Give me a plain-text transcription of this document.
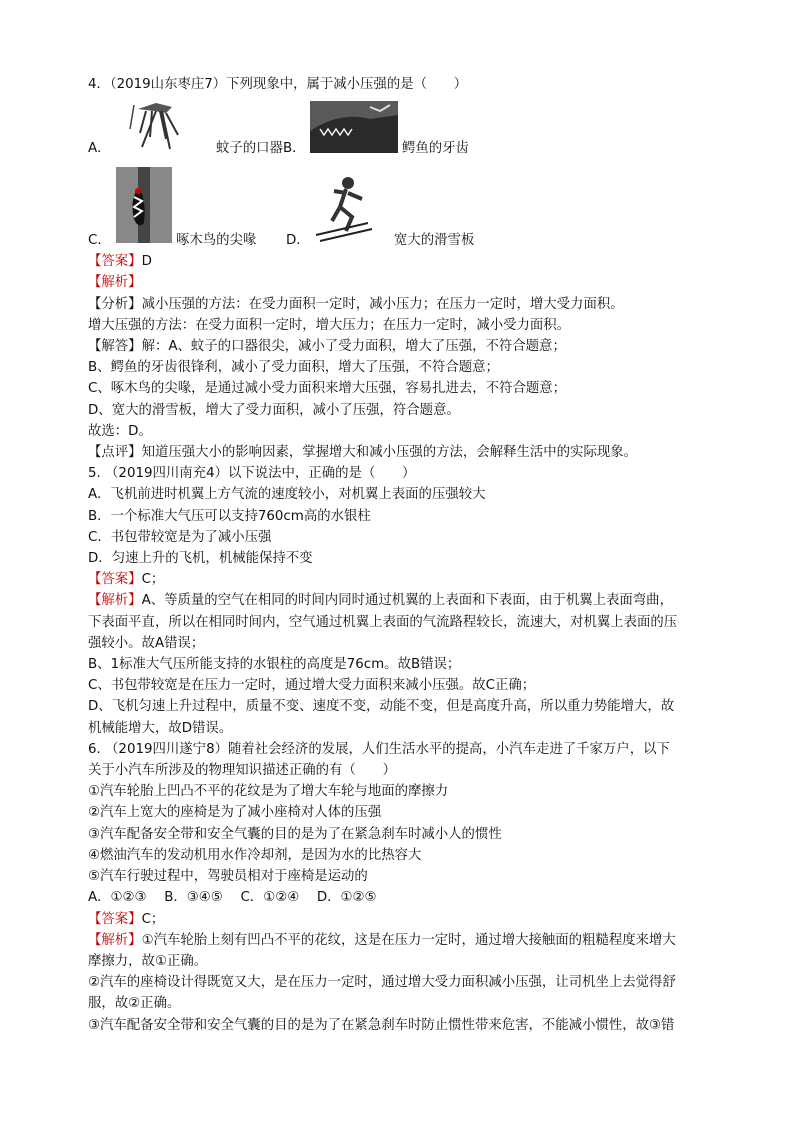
4．（2019山东枣庄7）下列现象中，属于减小压强的是（　　）
A．	蚊子的口器B．	鳄鱼的牙齿
C．	啄木鸟的尖喙 D．	宽大的滑雪板
【答案】D
【解析】
【分析】减小压强的方法：在受力面积一定时，减小压力；在压力一定时，增大受力面积。
增大压强的方法：在受力面积一定时，增大压力；在压力一定时，减小受力面积。
【解答】解：A、蚊子的口器很尖，减小了受力面积，增大了压强，不符合题意；
B、鳄鱼的牙齿很锋利，减小了受力面积，增大了压强，不符合题意；
C、啄木鸟的尖喙，是通过减小受力面积来增大压强，容易扎进去，不符合题意；
D、宽大的滑雪板，增大了受力面积，减小了压强，符合题意。
故选：D。
【点评】知道压强大小的影响因素，掌握增大和减小压强的方法，会解释生活中的实际现象。
5. （2019四川南充4）以下说法中，正确的是（　　）
A．飞机前进时机翼上方气流的速度较小，对机翼上表面的压强较大
B．一个标准大气压可以支持760cm高的水银柱
C．书包带较宽是为了减小压强
D．匀速上升的飞机，机械能保持不变
【答案】C；
【解析】A、等质量的空气在相同的时间内同时通过机翼的上表面和下表面，由于机翼上表面弯曲，
下表面平直，所以在相同时间内，空气通过机翼上表面的气流路程较长，流速大，对机翼上表面的压
强较小。故A错误；
B、1标准大气压所能支持的水银柱的高度是76cm。故B错误；
C、书包带较宽是在压力一定时，通过增大受力面积来减小压强。故C正确；
D、飞机匀速上升过程中，质量不变、速度不变，动能不变，但是高度升高，所以重力势能增大，故
机械能增大，故D错误。
6. （2019四川遂宁8）随着社会经济的发展，人们生活水平的提高，小汽车走进了千家万户，以下
关于小汽车所涉及的物理知识描述正确的有（　　）
①汽车轮胎上凹凸不平的花纹是为了增大车轮与地面的摩擦力
②汽车上宽大的座椅是为了减小座椅对人体的压强
③汽车配备安全带和安全气囊的目的是为了在紧急刹车时减小人的惯性
④燃油汽车的发动机用水作冷却剂，是因为水的比热容大
⑤汽车行驶过程中，驾驶员相对于座椅是运动的
A．①②③　 B．③④⑤　 C．①②④　 D．①②⑤
【答案】C；
【解析】①汽车轮胎上刻有凹凸不平的花纹，这是在压力一定时，通过增大接触面的粗糙程度来增大
摩擦力，故①正确。
②汽车的座椅设计得既宽又大，是在压力一定时，通过增大受力面积减小压强，让司机坐上去觉得舒
服，故②正确。
③汽车配备安全带和安全气囊的目的是为了在紧急刹车时防止惯性带来危害，不能减小惯性，故③错
